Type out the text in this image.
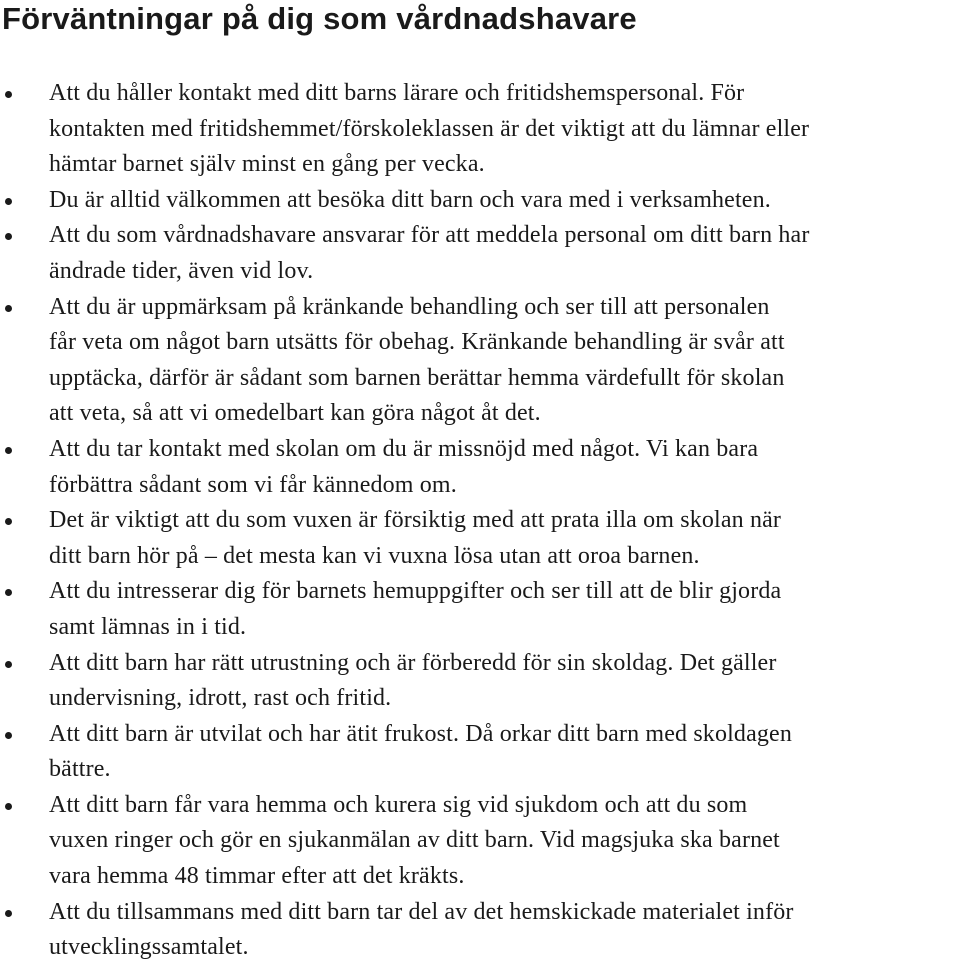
Förväntningar på dig som vårdnadshavare
Att du håller kontakt med ditt barns lärare och fritidshemspersonal. För
kontakten med fritidshemmet/förskoleklassen är det viktigt att du lämnar eller
hämtar barnet själv minst en gång per vecka.
Du är alltid välkommen att besöka ditt barn och vara med i verksamheten.
Att du som vårdnadshavare ansvarar för att meddela personal om ditt barn har
ändrade tider, även vid lov.
Att du är uppmärksam på kränkande behandling och ser till att personalen
får veta om något barn utsätts för obehag. Kränkande behandling är svår att
upptäcka, därför är sådant som barnen berättar hemma värdefullt för skolan
att veta, så att vi omedelbart kan göra något åt det.
Att du tar kontakt med skolan om du är missnöjd med något. Vi kan bara
förbättra sådant som vi får kännedom om.
Det är viktigt att du som vuxen är försiktig med att prata illa om skolan när
ditt barn hör på – det mesta kan vi vuxna lösa utan att oroa barnen.
Att du intresserar dig för barnets hemuppgifter och ser till att de blir gjorda
samt lämnas in i tid.
Att ditt barn har rätt utrustning och är förberedd för sin skoldag. Det gäller
undervisning, idrott, rast och fritid.
Att ditt barn är utvilat och har ätit frukost. Då orkar ditt barn med skoldagen
bättre.
Att ditt barn får vara hemma och kurera sig vid sjukdom och att du som
vuxen ringer och gör en sjukanmälan av ditt barn. Vid magsjuka ska barnet
vara hemma 48 timmar efter att det kräkts.
Att du tillsammans med ditt barn tar del av det hemskickade materialet inför
utvecklingssamtalet.
